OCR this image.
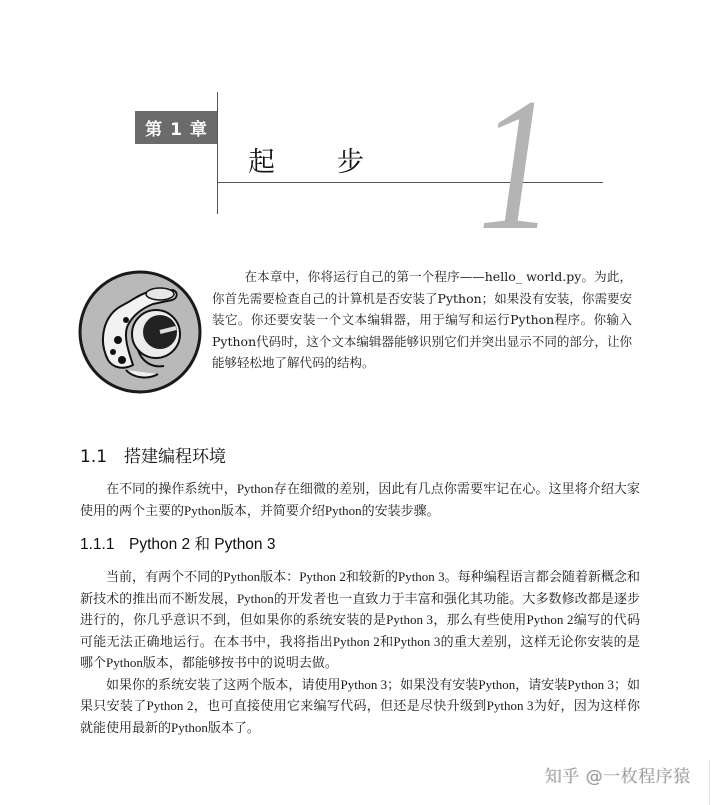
第 1 章
起 步 1

在本章中，你将运行自己的第一个程序——hello_ world.py。为此，你首先需要检查自己的计算机是否安装了Python；如果没有安装，你需要安装它。你还要安装一个文本编辑器，用于编写和运行Python程序。你输入Python代码时，这个文本编辑器能够识别它们并突出显示不同的部分，让你能够轻松地了解代码的结构。

1.1 搭建编程环境

在不同的操作系统中，Python存在细微的差别，因此有几点你需要牢记在心。这里将介绍大家使用的两个主要的Python版本，并简要介绍Python的安装步骤。

1.1.1 Python 2 和 Python 3

当前，有两个不同的Python版本：Python 2和较新的Python 3。每种编程语言都会随着新概念和新技术的推出而不断发展，Python的开发者也一直致力于丰富和强化其功能。大多数修改都是逐步进行的，你几乎意识不到，但如果你的系统安装的是Python 3，那么有些使用Python 2编写的代码可能无法正确地运行。在本书中，我将指出Python 2和Python 3的重大差别，这样无论你安装的是哪个Python版本，都能够按书中的说明去做。

如果你的系统安装了这两个版本，请使用Python 3；如果没有安装Python，请安装Python 3；如果只安装了Python 2，也可直接使用它来编写代码，但还是尽快升级到Python 3为好，因为这样你就能使用最新的Python版本了。

知乎 @一枚程序猿
